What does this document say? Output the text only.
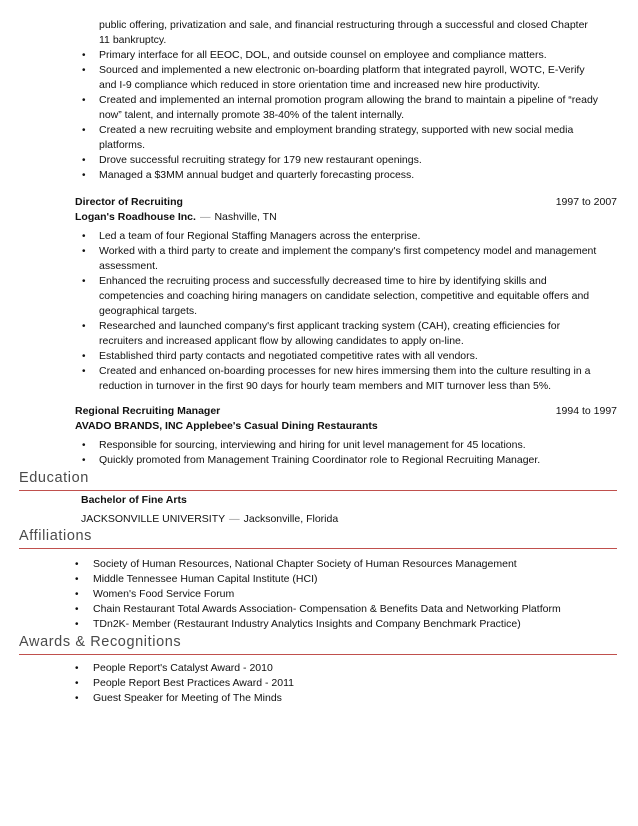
public offering, privatization and sale, and financial restructuring through a successful and closed Chapter 11 bankruptcy.
• Primary interface for all EEOC, DOL, and outside counsel on employee and compliance matters.
• Sourced and implemented a new electronic on-boarding platform that integrated payroll, WOTC, E-Verify and I-9 compliance which reduced in store orientation time and increased new hire productivity.
• Created and implemented an internal promotion program allowing the brand to maintain a pipeline of “ready now” talent, and internally promote 38-40% of the talent internally.
• Created a new recruiting website and employment branding strategy, supported with new social media platforms.
• Drove successful recruiting strategy for 179 new restaurant openings.
• Managed a $3MM annual budget and quarterly forecasting process.
Director of Recruiting	1997 to 2007
Logan's Roadhouse Inc. — Nashville, TN
• Led a team of four Regional Staffing Managers across the enterprise.
• Worked with a third party to create and implement the company's first competency model and management assessment.
• Enhanced the recruiting process and successfully decreased time to hire by identifying skills and competencies and coaching hiring managers on candidate selection, competitive and equitable offers and geographical targets.
• Researched and launched company's first applicant tracking system (CAH), creating efficiencies for recruiters and increased applicant flow by allowing candidates to apply on-line.
• Established third party contacts and negotiated competitive rates with all vendors.
• Created and enhanced on-boarding processes for new hires immersing them into the culture resulting in a reduction in turnover in the first 90 days for hourly team members and MIT turnover less than 5%.
Regional Recruiting Manager	1994 to 1997
AVADO BRANDS, INC Applebee's Casual Dining Restaurants
• Responsible for sourcing, interviewing and hiring for unit level management for 45 locations.
• Quickly promoted from Management Training Coordinator role to Regional Recruiting Manager.
Education
Bachelor of Fine Arts
JACKSONVILLE UNIVERSITY — Jacksonville, Florida
Affiliations
• Society of Human Resources, National Chapter Society of Human Resources Management
• Middle Tennessee Human Capital Institute (HCI)
• Women's Food Service Forum
• Chain Restaurant Total Awards Association- Compensation & Benefits Data and Networking Platform
• TDn2K- Member (Restaurant Industry Analytics Insights and Company Benchmark Practice)
Awards & Recognitions
• People Report's Catalyst Award - 2010
• People Report Best Practices Award - 2011
• Guest Speaker for Meeting of The Minds
